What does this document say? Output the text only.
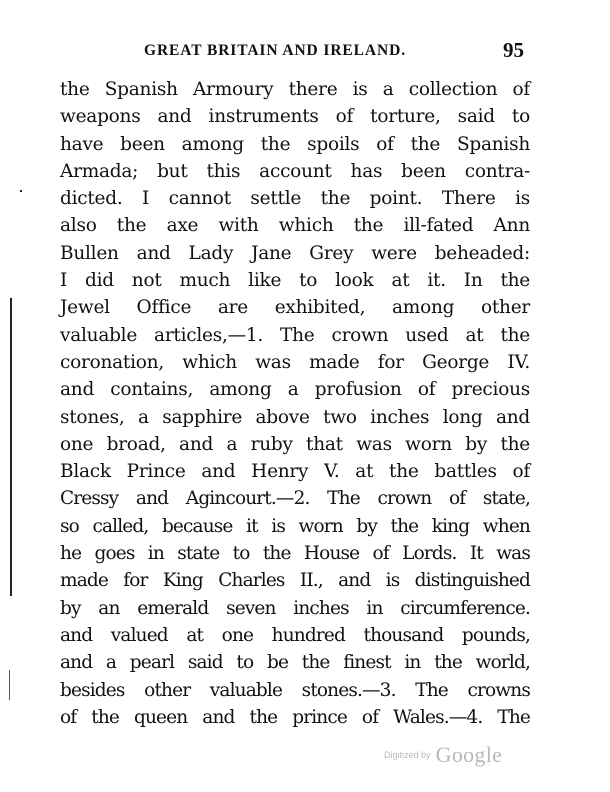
GREAT BRITAIN AND IRELAND.	95
the Spanish Armoury there is a collection of
weapons and instruments of torture, said to
have been among the spoils of the Spanish
Armada; but this account has been contra-
dicted. I cannot settle the point. There is
also the axe with which the ill-fated Ann
Bullen and Lady Jane Grey were beheaded:
I did not much like to look at it. In the
Jewel Office are exhibited, among other
valuable articles,—1. The crown used at the
coronation, which was made for George IV.
and contains, among a profusion of precious
stones, a sapphire above two inches long and
one broad, and a ruby that was worn by the
Black Prince and Henry V. at the battles of
Cressy and Agincourt.—2. The crown of state,
so called, because it is worn by the king when
he goes in state to the House of Lords. It was
made for King Charles II., and is distinguished
by an emerald seven inches in circumference.
and valued at one hundred thousand pounds,
and a pearl said to be the finest in the world,
besides other valuable stones.—3. The crowns
of the queen and the prince of Wales.—4. The
Digitized by Google
